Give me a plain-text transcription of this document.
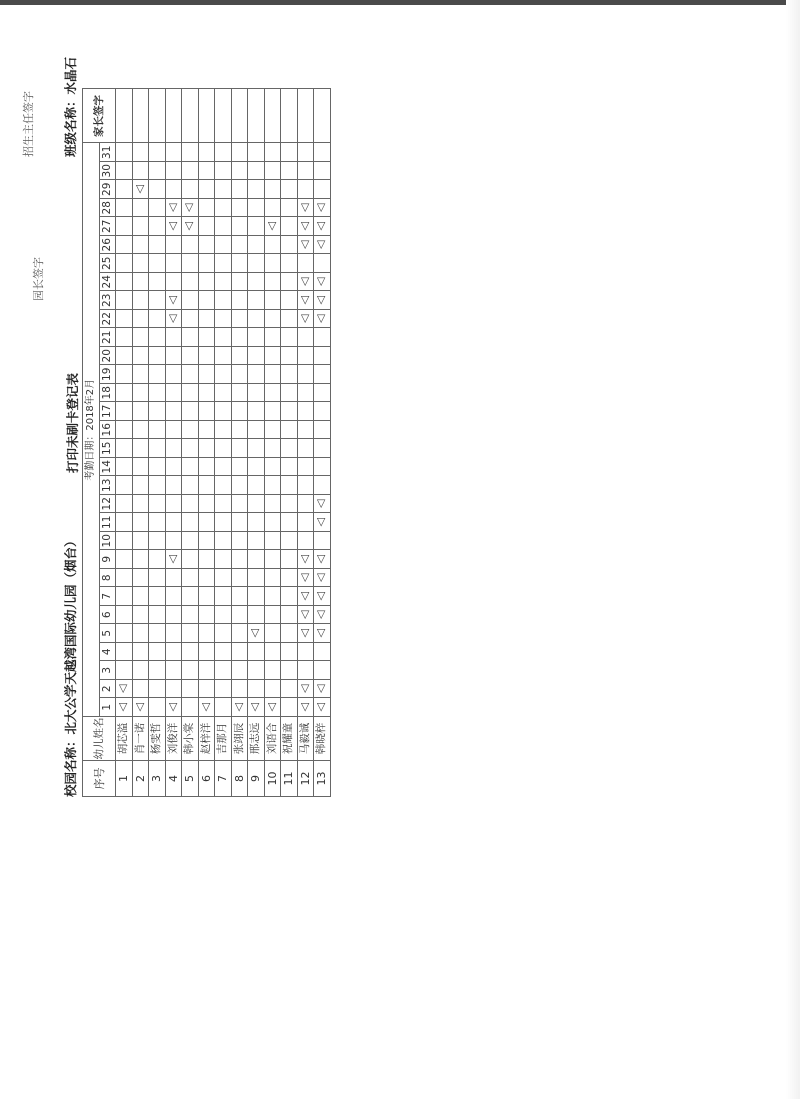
园长签字
招生主任签字
校园名称：北大公学天越湾国际幼儿园（烟台）
打印未刷卡登记表
班级名称：水晶石
序号	幼儿姓名	考勤日期：2018年2月																															家长签字
		1	2	3	4	5	6	7	8	9	10	11	12	13	14	15	16	17	18	19	20	21	22	23	24	25	26	27	28	29	30	31	
1	胡芯溢	◁	◁																														
2	肖一诺	◁																												◁			
3	杨雯哲																																
4	刘俊洋	◁								◁													◁	◁				◁	◁				
5	韩小棠																											◁	◁				
6	赵梓洋	◁																															
7	吉那月																																
8	张翊辰	◁																															
9	邢志远	◁				◁																											
10	刘语合	◁																										◁					
11	祝耀童																																
12	马毅诚	◁	◁			◁	◁	◁	◁	◁													◁	◁	◁		◁	◁	◁				
13	韩晓梓	◁	◁			◁	◁	◁	◁	◁		◁	◁										◁	◁	◁		◁	◁	◁				
